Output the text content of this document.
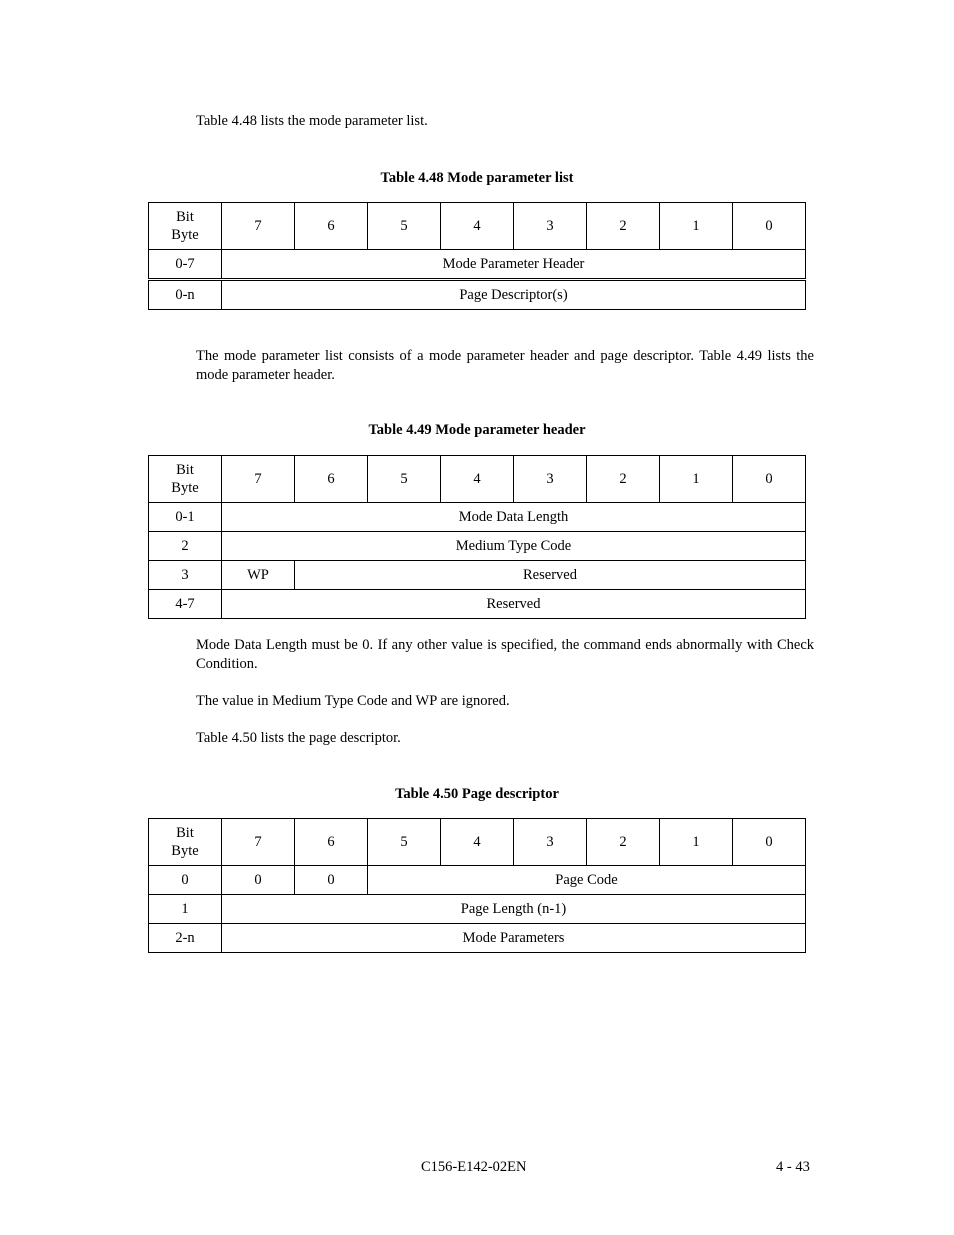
Table 4.48 lists the mode parameter list.
Table 4.48 Mode parameter list
Bit
Byte	7	6	5	4	3	2	1	0
0-7	Mode Parameter Header							
0-n	Page Descriptor(s)							
The mode parameter list consists of a mode parameter header and page descriptor. Table 4.49 lists the mode parameter header.
Table 4.49 Mode parameter header
Bit
Byte	7	6	5	4	3	2	1	0
0-1	Mode Data Length							
2	Medium Type Code							
3	WP	Reserved						
4-7	Reserved							
Mode Data Length must be 0. If any other value is specified, the command ends abnormally with Check Condition.
The value in Medium Type Code and WP are ignored.
Table 4.50 lists the page descriptor.
Table 4.50 Page descriptor
Bit
Byte	7	6	5	4	3	2	1	0
0	0	0	Page Code					
1	Page Length (n-1)							
2-n	Mode Parameters							
C156-E142-02EN	4 - 43
